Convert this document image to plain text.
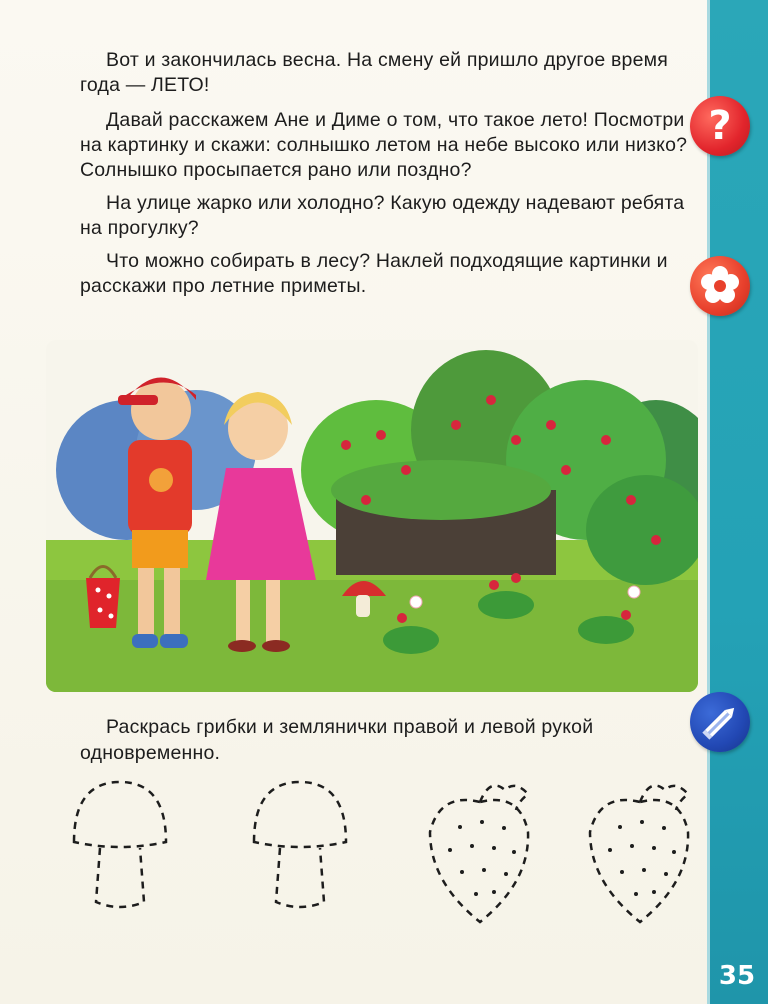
Вот и закончилась весна. На смену ей пришло другое время года — ЛЕТО!

Давай расскажем Ане и Диме о том, что такое лето! Посмотри на картинку и скажи: солнышко летом на небе высоко или низко? Солнышко просыпается рано или поздно?

На улице жарко или холодно? Какую одежду надевают ребята на прогулку?

Что можно собирать в лесу? Наклей подходящие картинки и расскажи про летние приметы.

?
Раскрась грибки и землянички правой и левой рукой одновременно.
35
